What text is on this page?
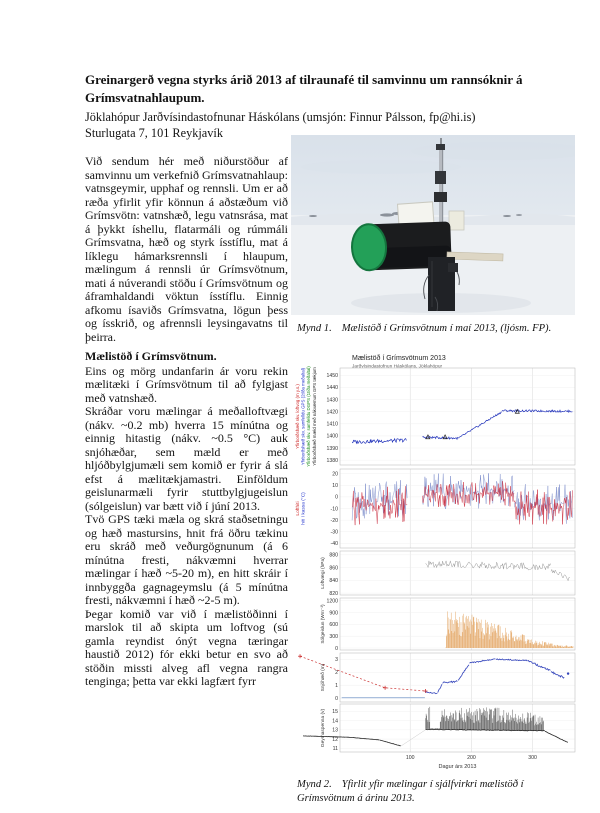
Greinargerð vegna styrks árið 2013 af tilraunafé til samvinnu um rannsóknir á
Grímsvatnahlaupum.
Jöklahópur Jarðvísindastofnunar Háskólans (umsjón: Finnur Pálsson, fp@hi.is)
Sturlugata 7, 101 Reykjavík

Við sendum hér með niðurstöður af samvinnu um verkefnið Grímsvatnahlaup: vatnsgeymir, upphaf og rennsli. Um er að ræða yfirlit yfir könnun á aðstæðum við Grímsvötn: vatnshæð, legu vatnsrása, mat á þykkt íshellu, flatarmáli og rúmmáli Grímsvatna, hæð og styrk ísstíflu, mat á líklegu hámarksrennsli í hlaupum, mælingum á rennsli úr Grímsvötnum, mati á núverandi stöðu í Grímsvötnum og áframhaldandi vöktun ísstíflu. Einnig afkomu ísaviðs Grímsvatna, lögun þess og ísskrið, og afrennsli leysingavatns til þeirra.

Mælistöð í Grímsvötnum.

Eins og mörg undanfarin ár voru rekin mælitæki í Grímsvötnum til að fylgjast með vatnshæð.

Skráðar voru mælingar á meðalloftvægi (nákv. ~0.2 mb) hverra 15 mínútna og einnig hitastig (nákv. ~0.5 °C) auk snjóhæðar, sem mæld er með hljóðbylgjumæli sem komið er fyrir á slá efst á mælitækjamastri. Einföldum geislunarmæli fyrir stuttbylgjugeislun (sólgeislun) var bætt við í júní 2013.

Tvö GPS tæki mæla og skrá staðsetningu og hæð mastursins, hnit frá öðru tækinu eru skráð með veðurgögnunum (á 6 mínútna fresti, nákvæmni hverrar mælingar í hæð ~5-20 m), en hitt skráir í innbyggða gagnageymslu (á 5 mínútna fresti, nákvæmni í hæð ~2-5 m).

Þegar komið var við í mælistöðinni í marslok til að skipta um loftvog (sú gamla reyndist ónýt vegna tæringar haustið 2012) fór ekki betur en svo að stöðin missti alveg afl vegna rangra tenginga; þetta var ekki lagfært fyrr

Mynd 1. Mælistöð í Grímsvötnum í maí 2013, (ljósm. FP).
Mælistöð í Grímsvötnum 2013
Jarðvísindastofnun Háskólans, Jöklahópur
1450
1440
1430
1420
1410
1400
1390
1380
Yfirborðshæð skv. loftvog (m y.s.) Yfirborðshæð skv. samfelldu GPS (2tíða meðaltal) Yfirborðshæð skv. samfelldu DGPS (1tíða meðaltal) Yfirborðshæð mæld með nákvæmum GPS tækjum
20
10
0
-10
-20
-30
-40
Lofthiti hiti í kassa (°C)
880
860
840
820
Loftvægi (hPa)
1200
900
600
300
0
Sólgeislun (Wm⁻²)
3
2
1
0
Snjóhæð (m)
15
14
13
12
11
Geymaspenna (v)
100	200	300
Dagur árs 2013
Mynd 2. Yfirlit yfir mælingar í sjálfvirkri mælistöð í Grímsvötnum á árinu 2013.
